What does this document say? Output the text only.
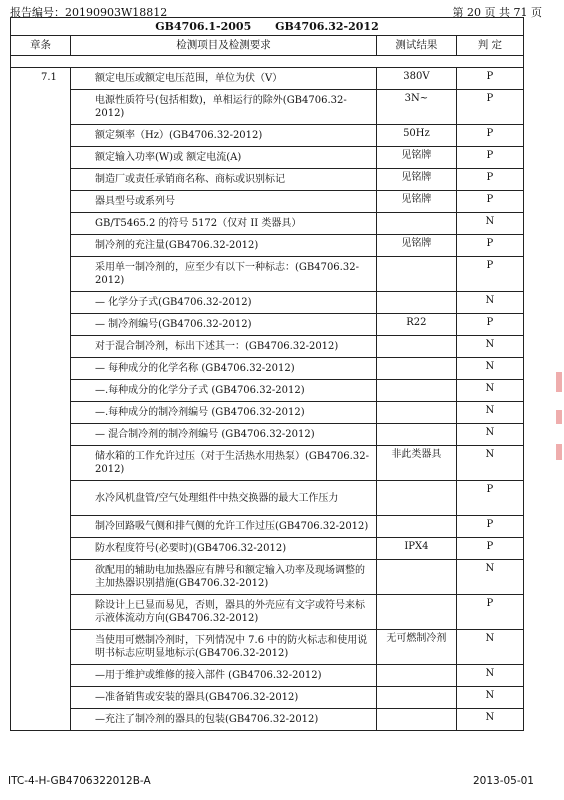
报告编号：20190903W18812	第 20 页 共 71 页
GB4706.1-2005 GB4706.32-2012			
章条	检测项目及检测要求	测试结果	判 定

7.1	额定电压或额定电压范围，单位为伏（V）	380V	P
	电源性质符号(包括相数)，单相运行的除外(GB4706.32-2012)	3N~	P
	额定频率（Hz）(GB4706.32-2012)	50Hz	P
	额定输入功率(W)或 额定电流(A)	见铭牌	P
	制造厂或责任承销商名称、商标或识别标记	见铭牌	P
	器具型号或系列号	见铭牌	P
	GB/T5465.2 的符号 5172（仅对 II 类器具）		N
	制冷剂的充注量(GB4706.32-2012)	见铭牌	P
	采用单一制冷剂的，应至少有以下一种标志：(GB4706.32-2012)		P
	— 化学分子式(GB4706.32-2012)		N
	— 制冷剂编号(GB4706.32-2012)	R22	P
	对于混合制冷剂，标出下述其一：(GB4706.32-2012)		N
	— 每种成分的化学名称 (GB4706.32-2012)		N
	—.每种成分的化学分子式 (GB4706.32-2012)		N
	—.每种成分的制冷剂编号 (GB4706.32-2012)		N
	— 混合制冷剂的制冷剂编号 (GB4706.32-2012)		N
	储水箱的工作允许过压（对于生活热水用热泵）(GB4706.32-2012)	非此类器具	N
	水冷风机盘管/空气处理组件中热交换器的最大工作压力		P
	制冷回路吸气侧和排气侧的允许工作过压(GB4706.32-2012)		P
	防水程度符号(必要时)(GB4706.32-2012)	IPX4	P
	欲配用的辅助电加热器应有牌号和额定输入功率及现场调整的主加热器识别措施(GB4706.32-2012)		N
	除设计上已显而易见，否则，器具的外壳应有文字或符号来标示液体流动方向(GB4706.32-2012)		P
	当使用可燃制冷剂时，下列情况中 7.6 中的防火标志和使用说明书标志应明显地标示(GB4706.32-2012)	无可燃制冷剂	N
	—用于维护或维修的接入部件 (GB4706.32-2012)		N
	—准备销售或安装的器具(GB4706.32-2012)		N
	—充注了制冷剂的器具的包装(GB4706.32-2012)		N
ITC-4-H-GB4706322012B-A	2013-05-01
